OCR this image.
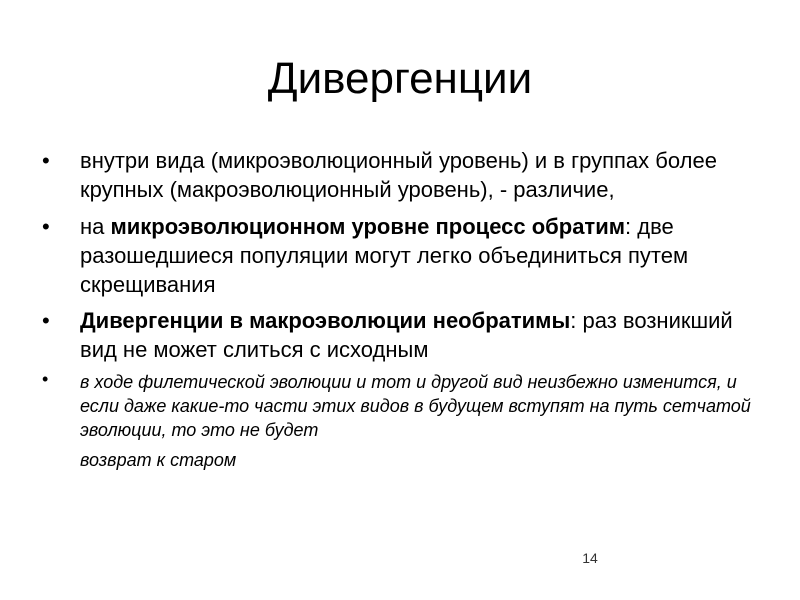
Дивергенции
• внутри вида (микроэволюционный уровень) и в группах более крупных (макроэволюционный уровень), - различие,
• на микроэволюционном уровне процесс обратим: две разошедшиеся популяции могут легко объединиться путем скрещивания
• Дивергенции в макроэволюции необратимы: раз возникший вид не может слиться с исходным
• в ходе филетической эволюции и тот и другой вид неизбежно изменится, и если даже какие-то части этих видов в будущем вступят на путь сетчатой эволюции, то это не будет
возврат к старом
14
